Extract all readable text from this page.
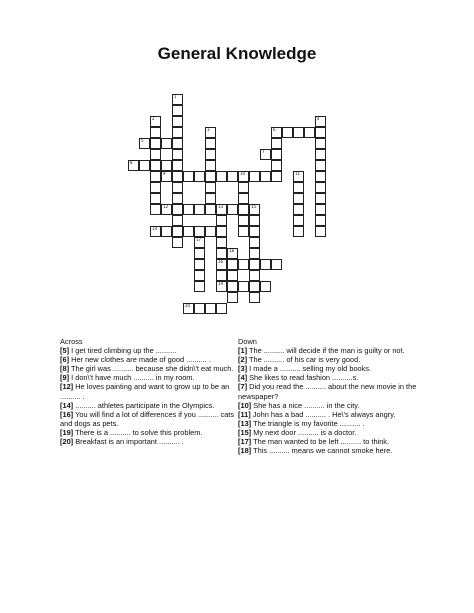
General Knowledge
1
2
3
4
5
6
8
9	10	11
12	13
16
19
14
15
17
18
20
7

Across

[5] I get tired climbing up the ..........

[6] Her new clothes are made of good .......... .

[8] The girl was .......... because she didn\'t eat much.

[9] I don\'t have much .......... in my room.

[12] He loves painting and want to grow up to be an .......... .

[14] .......... athletes participate in the Olympics.

[16] You will find a lot of differences if you .......... cats and dogs as pets.

[19] There is a .......... to solve this problem.

[20] Breakfast is an important .......... .

Down

[1] The .......... will decide if the man is guilty or not.

[2] The .......... of his car is very good.

[3] I made a .......... selling my old books.

[4] She likes to read fashion ..........s.

[7] Did you read the .......... about the new movie in the newspaper?

[10] She has a nice .......... in the city.

[11] John has a bad .......... . He\'s always angry.

[13] The triangle is my favorite .......... .

[15] My next door .......... is a doctor.

[17] The man wanted to be left .......... to think.

[18] This .......... means we cannot smoke here.
